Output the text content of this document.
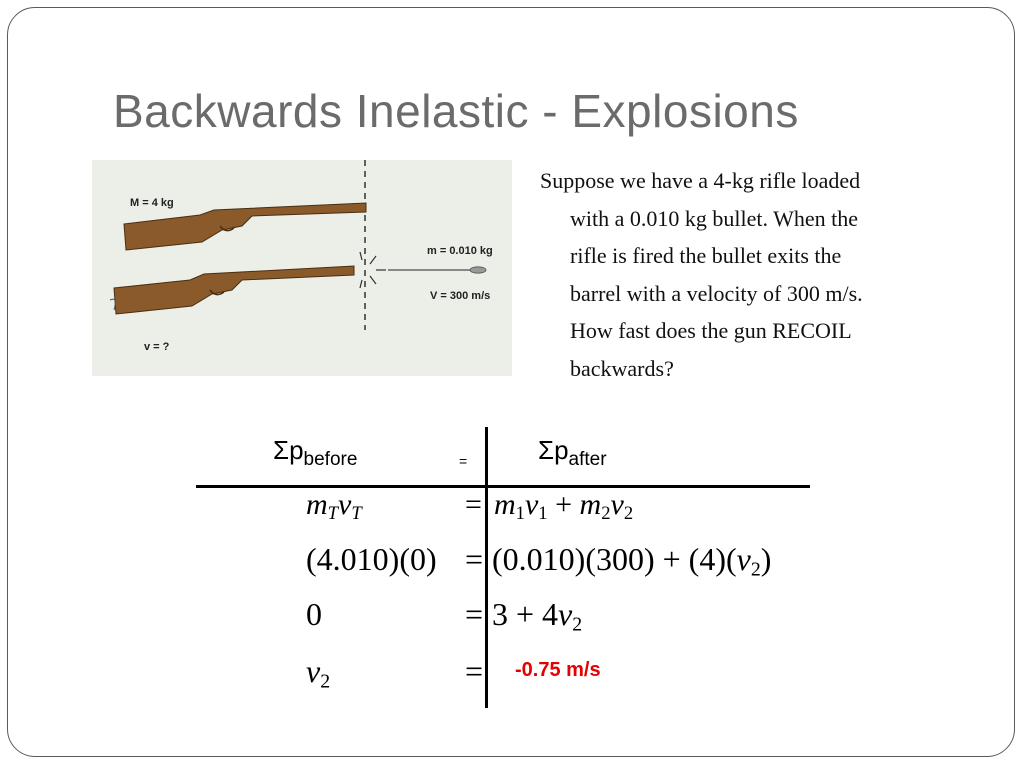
Backwards Inelastic - Explosions
M = 4 kg
m = 0.010 kg
V = 300 m/s
v = ?
Suppose we have a 4-kg rifle loaded
with a 0.010 kg bullet. When the
rifle is fired the bullet exits the
barrel with a velocity of 300 m/s.
How fast does the gun RECOIL
backwards?
Σpbefore	=	Σpafter
$m_Tv_T$	= $m_1v_1 + m_2v_2$
$(4.010)(0) = (0.010)(300) + (4)(v_2)$
0	= $3 + 4v_2$
$v_2$	= -0.75 m/s
